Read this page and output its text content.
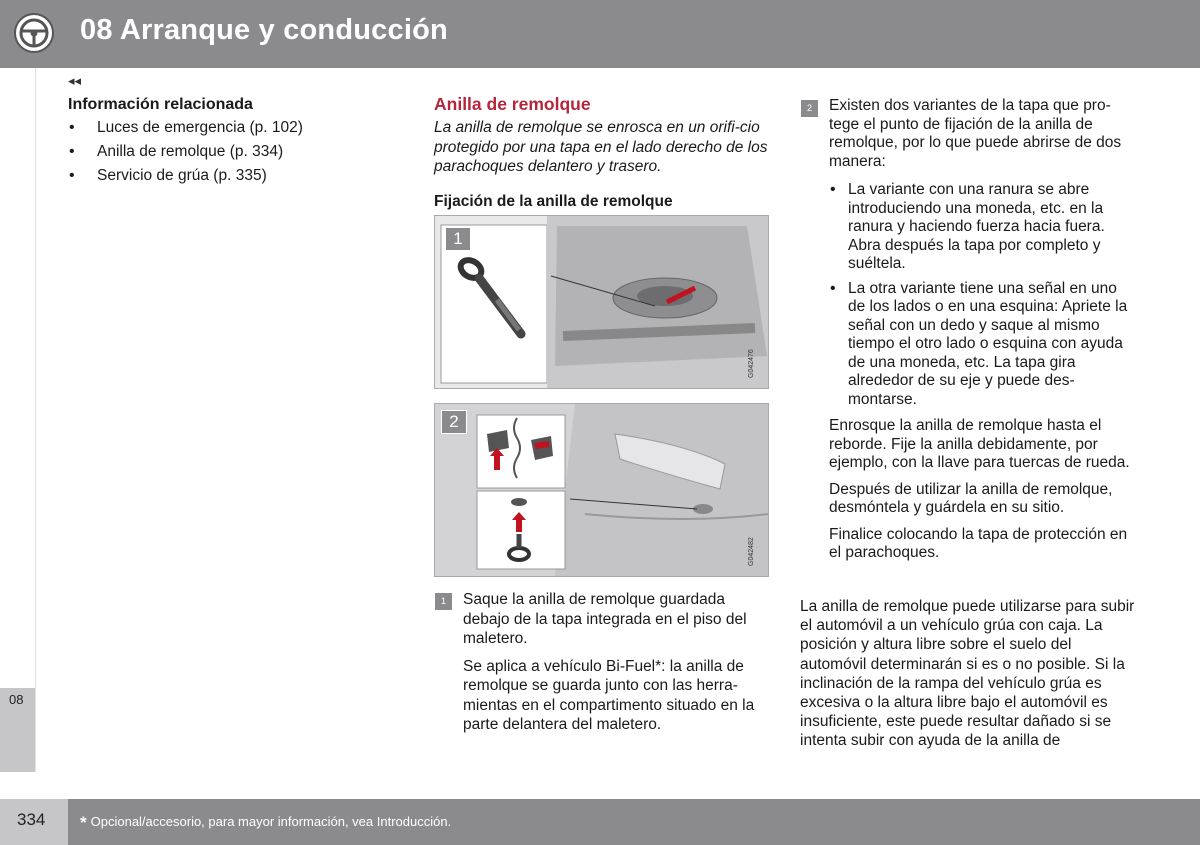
08 Arranque y conducción
◂◂
08
Información relacionada
• Luces de emergencia (p. 102)
• Anilla de remolque (p. 334)
• Servicio de grúa (p. 335)
Anilla de remolque

La anilla de remolque se enrosca en un orifi-cio protegido por una tapa en el lado derecho de los parachoques delantero y trasero.

Fijación de la anilla de remolque
1
G042476
2
G042482
1	Saque la anilla de remolque guardada debajo de la tapa integrada en el piso del maletero.

Se aplica a vehículo Bi-Fuel*: la anilla de remolque se guarda junto con las herra-mientas en el compartimento situado en la parte delantera del maletero.

2	Existen dos variantes de la tapa que pro-tege el punto de fijación de la anilla de remolque, por lo que puede abrirse de dos manera:

• La variante con una ranura se abre introduciendo una moneda, etc. en la ranura y haciendo fuerza hacia fuera. Abra después la tapa por completo y suéltela.
• La otra variante tiene una señal en uno de los lados o en una esquina: Apriete la señal con un dedo y saque al mismo tiempo el otro lado o esquina con ayuda de una moneda, etc. La tapa gira alrededor de su eje y puede des-montarse.

Enrosque la anilla de remolque hasta el reborde. Fije la anilla debidamente, por ejemplo, con la llave para tuercas de rueda.

Después de utilizar la anilla de remolque, desmóntela y guárdela en su sitio.

Finalice colocando la tapa de protección en el parachoques.

La anilla de remolque puede utilizarse para subir el automóvil a un vehículo grúa con caja. La posición y altura libre sobre el suelo del automóvil determinarán si es o no posible. Si la inclinación de la rampa del vehículo grúa es excesiva o la altura libre bajo el automóvil es insuficiente, este puede resultar dañado si se intenta subir con ayuda de la anilla de
334 * Opcional/accesorio, para mayor información, vea Introducción.
